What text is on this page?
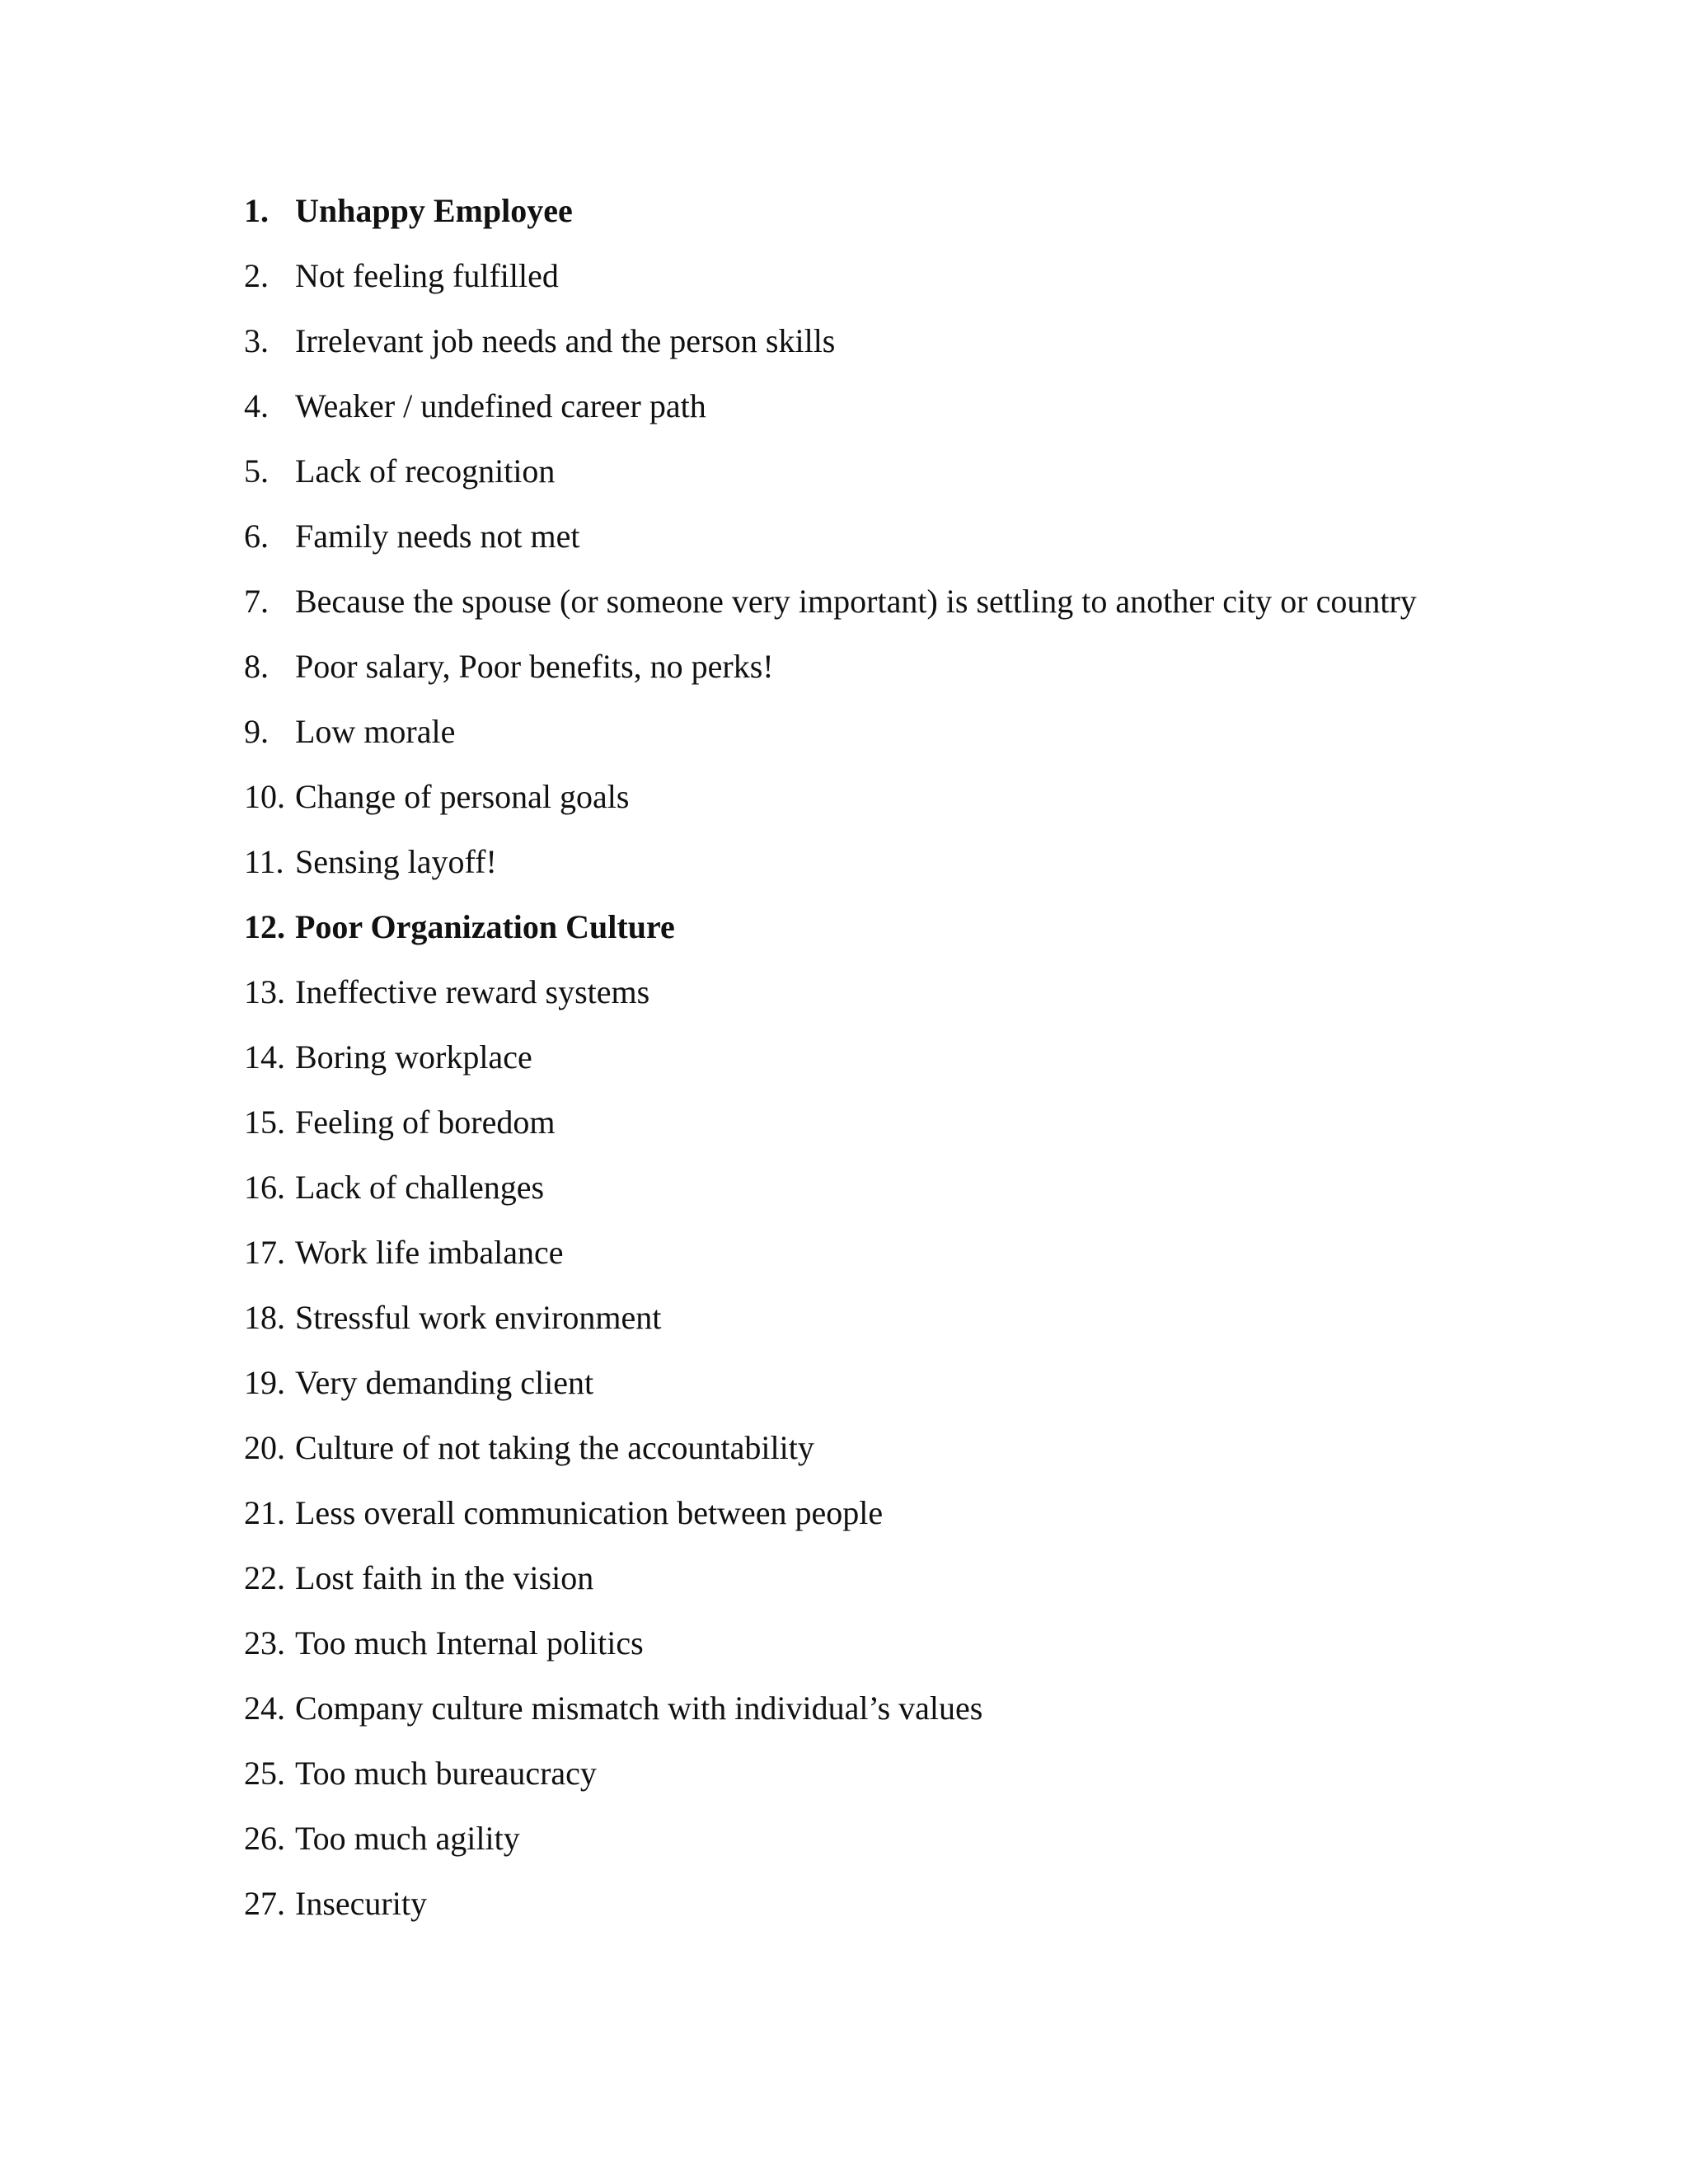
1. Unhappy Employee
2. Not feeling fulfilled
3. Irrelevant job needs and the person skills
4. Weaker / undefined career path
5. Lack of recognition
6. Family needs not met
7. Because the spouse (or someone very important) is settling to another city or country
8. Poor salary, Poor benefits, no perks!
9. Low morale
10. Change of personal goals
11. Sensing layoff!
12. Poor Organization Culture
13. Ineffective reward systems
14. Boring workplace
15. Feeling of boredom
16. Lack of challenges
17. Work life imbalance
18. Stressful work environment
19. Very demanding client
20. Culture of not taking the accountability
21. Less overall communication between people
22. Lost faith in the vision
23. Too much Internal politics
24. Company culture mismatch with individual’s values
25. Too much bureaucracy
26. Too much agility
27. Insecurity
